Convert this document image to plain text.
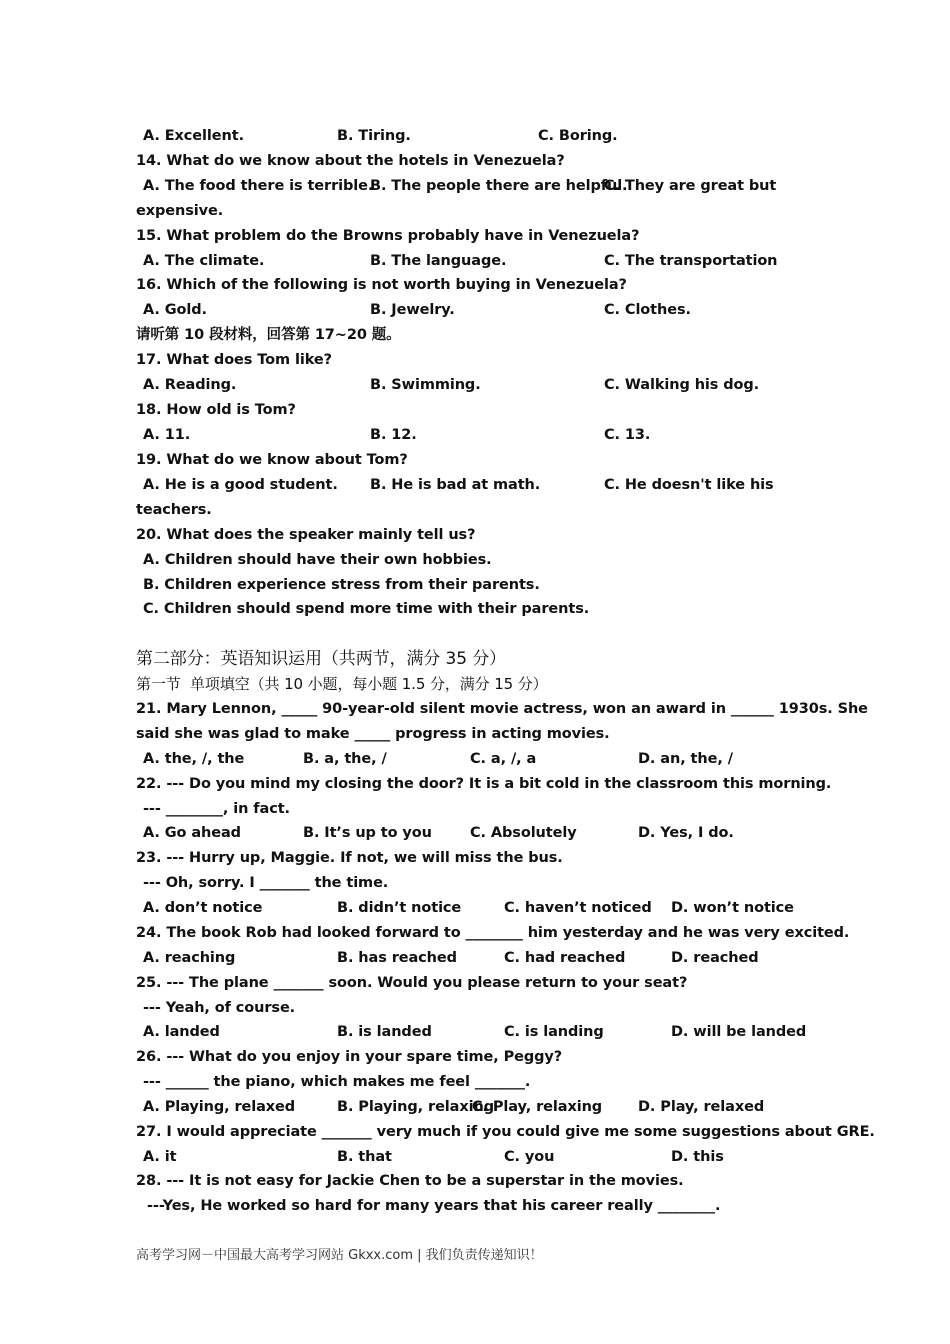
A. Excellent.	B. Tiring.	C. Boring.
14. What do we know about the hotels in Venezuela?
A. The food there is terrible.
B. The people there are helpful.
C. They are great but
expensive.
15. What problem do the Browns probably have in Venezuela?
A. The climate.	B. The language.	C. The transportation
16. Which of the following is not worth buying in Venezuela?
A. Gold.	B. Jewelry.	C. Clothes.
请听第 10 段材料，回答第 17~20 题。
17. What does Tom like?
A. Reading.	B. Swimming.	C. Walking his dog.
18. How old is Tom?
A. 11.	B. 12.	C. 13.
19. What do we know about Tom?
A. He is a good student. B. He is bad at math.	C. He doesn't like his
teachers.
20. What does the speaker mainly tell us?
A. Children should have their own hobbies.
B. Children experience stress from their parents.
C. Children should spend more time with their parents.
第二部分：英语知识运用（共两节，满分 35 分）
第一节  单项填空（共 10 小题，每小题 1.5 分，满分 15 分）
21. Mary Lennon, _____ 90-year-old silent movie actress, won an award in ______ 1930s. She
said she was glad to make _____ progress in acting movies.
A. the, /, the	B. a, the, /	C. a, /, a	D. an, the, /
22. --- Do you mind my closing the door? It is a bit cold in the classroom this morning.
--- ________, in fact.
A. Go ahead	B. It’s up to you	C. Absolutely	D. Yes, I do.
23. --- Hurry up, Maggie. If not, we will miss the bus.
--- Oh, sorry. I _______ the time.
A. don’t notice	B. didn’t notice	C. haven’t noticed D. won’t notice
24. The book Rob had looked forward to ________ him yesterday and he was very excited.
A. reaching	B. has reached	C. had reached	D. reached
25. --- The plane _______ soon. Would you please return to your seat?
--- Yeah, of course.
A. landed	B. is landed	C. is landing	D. will be landed
26. --- What do you enjoy in your spare time, Peggy?
--- ______ the piano, which makes me feel _______.
A. Playing, relaxed	B. Playing, relaxing
C. Play, relaxing D. Play, relaxed
27. I would appreciate _______ very much if you could give me some suggestions about GRE.
A. it	B. that	C. you	D. this
28. --- It is not easy for Jackie Chen to be a superstar in the movies.
---Yes, He worked so hard for many years that his career really ________.
高考学习网－中国最大高考学习网站 Gkxx.com | 我们负责传递知识！
